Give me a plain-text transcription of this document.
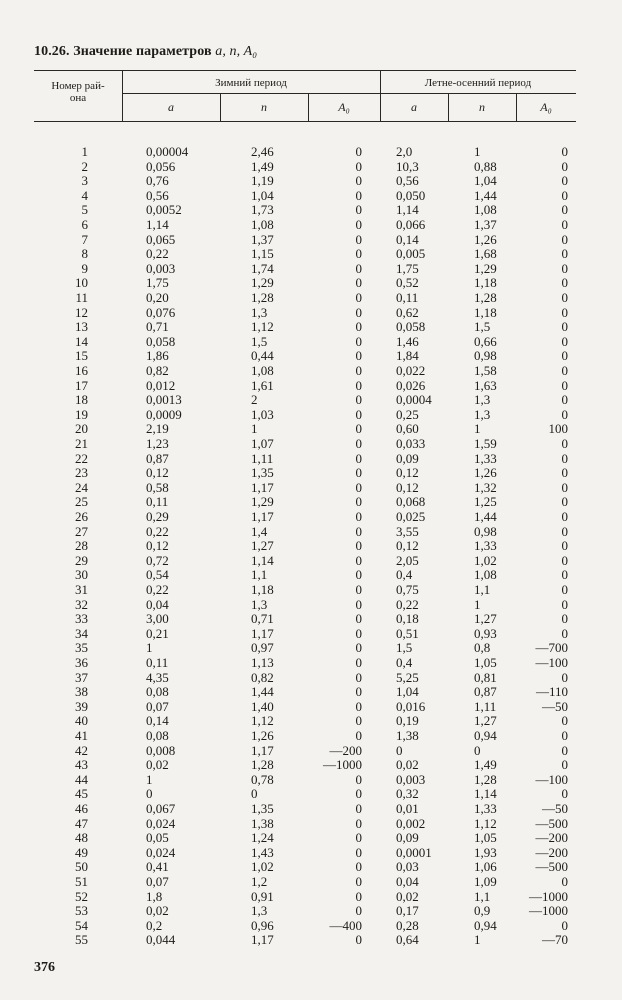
10.26. Значение параметров a, n, A₀
Номер рай-
она
Зимний период	Летне-осенний период
a	n	A₀	a	n	A₀
1	0,00004	2,46	0	2,0	1	0
2	0,056	1,49	0	10,3	0,88	0
3	0,76	1,19	0	0,56	1,04	0
4	0,56	1,04	0	0,050	1,44	0
5	0,0052	1,73	0	1,14	1,08	0
6	1,14	1,08	0	0,066	1,37	0
7	0,065	1,37	0	0,14	1,26	0
8	0,22	1,15	0	0,005	1,68	0
9	0,003	1,74	0	1,75	1,29	0
10	1,75	1,29	0	0,52	1,18	0
11	0,20	1,28	0	0,11	1,28	0
12	0,076	1,3	0	0,62	1,18	0
13	0,71	1,12	0	0,058	1,5	0
14	0,058	1,5	0	1,46	0,66	0
15	1,86	0,44	0	1,84	0,98	0
16	0,82	1,08	0	0,022	1,58	0
17	0,012	1,61	0	0,026	1,63	0
18	0,0013	2	0	0,0004	1,3	0
19	0,0009	1,03	0	0,25	1,3	0
20	2,19	1	0	0,60	1	100
21	1,23	1,07	0	0,033	1,59	0
22	0,87	1,11	0	0,09	1,33	0
23	0,12	1,35	0	0,12	1,26	0
24	0,58	1,17	0	0,12	1,32	0
25	0,11	1,29	0	0,068	1,25	0
26	0,29	1,17	0	0,025	1,44	0
27	0,22	1,4	0	3,55	0,98	0
28	0,12	1,27	0	0,12	1,33	0
29	0,72	1,14	0	2,05	1,02	0
30	0,54	1,1	0	0,4	1,08	0
31	0,22	1,18	0	0,75	1,1	0
32	0,04	1,3	0	0,22	1	0
33	3,00	0,71	0	0,18	1,27	0
34	0,21	1,17	0	0,51	0,93	0
35	1	0,97	0	1,5	0,8	—700
36	0,11	1,13	0	0,4	1,05	—100
37	4,35	0,82	0	5,25	0,81	0
38	0,08	1,44	0	1,04	0,87	—110
39	0,07	1,40	0	0,016	1,11	—50
40	0,14	1,12	0	0,19	1,27	0
41	0,08	1,26	0	1,38	0,94	0
42	0,008	1,17	—200	0	0	0
43	0,02	1,28	—1000	0,02	1,49	0
44	1	0,78	0	0,003	1,28	—100
45	0	0	0	0,32	1,14	0
46	0,067	1,35	0	0,01	1,33	—50
47	0,024	1,38	0	0,002	1,12	—500
48	0,05	1,24	0	0,09	1,05	—200
49	0,024	1,43	0	0,0001	1,93	—200
50	0,41	1,02	0	0,03	1,06	—500
51	0,07	1,2	0	0,04	1,09	0
52	1,8	0,91	0	0,02	1,1	—1000
53	0,02	1,3	0	0,17	0,9	—1000
54	0,2	0,96	—400	0,28	0,94	0
55	0,044	1,17	0	0,64	1	—70
376
